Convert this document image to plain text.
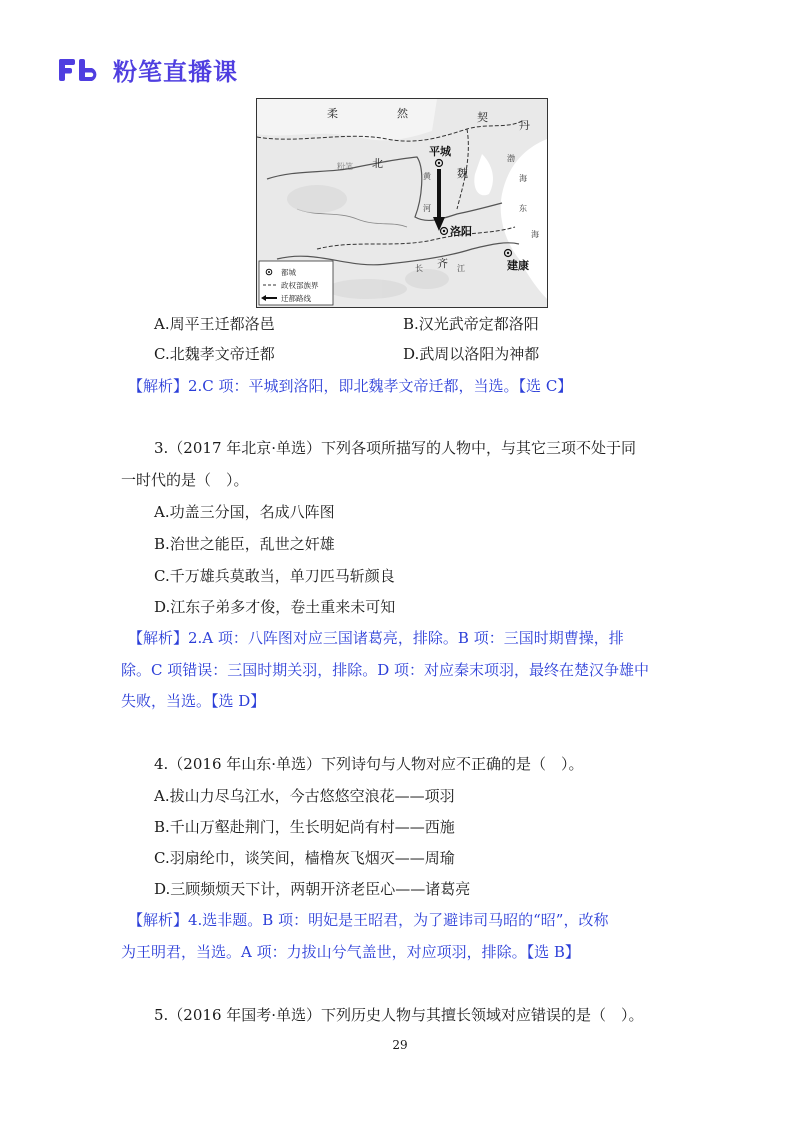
粉笔直播课
柔	然	契
丹
北
平城
魏
洛阳
齐	建康
黄
河
渤
海
东
海
长	江
粉笔
都城
政权部族界
迁都路线
A.周平王迁都洛邑	B.汉光武帝定都洛阳
C.北魏孝文帝迁都	D.武周以洛阳为神都
【解析】2.C 项：平城到洛阳，即北魏孝文帝迁都，当选。【选 C】
3.（2017 年北京·单选）下列各项所描写的人物中，与其它三项不处于同
一时代的是（　）。
A.功盖三分国，名成八阵图
B.治世之能臣，乱世之奸雄
C.千万雄兵莫敢当，单刀匹马斩颜良
D.江东子弟多才俊，卷土重来未可知
【解析】2.A 项：八阵图对应三国诸葛亮，排除。B 项：三国时期曹操，排
除。C 项错误：三国时期关羽，排除。D 项：对应秦末项羽，最终在楚汉争雄中
失败，当选。【选 D】
4.（2016 年山东·单选）下列诗句与人物对应不正确的是（　）。
A.拔山力尽乌江水，今古悠悠空浪花——项羽
B.千山万壑赴荆门，生长明妃尚有村——西施
C.羽扇纶巾，谈笑间，樯橹灰飞烟灭——周瑜
D.三顾频烦天下计，两朝开济老臣心——诸葛亮
【解析】4.选非题。B 项：明妃是王昭君，为了避讳司马昭的“昭”，改称
为王明君，当选。A 项：力拔山兮气盖世，对应项羽，排除。【选 B】
5.（2016 年国考·单选）下列历史人物与其擅长领域对应错误的是（　）。
29
